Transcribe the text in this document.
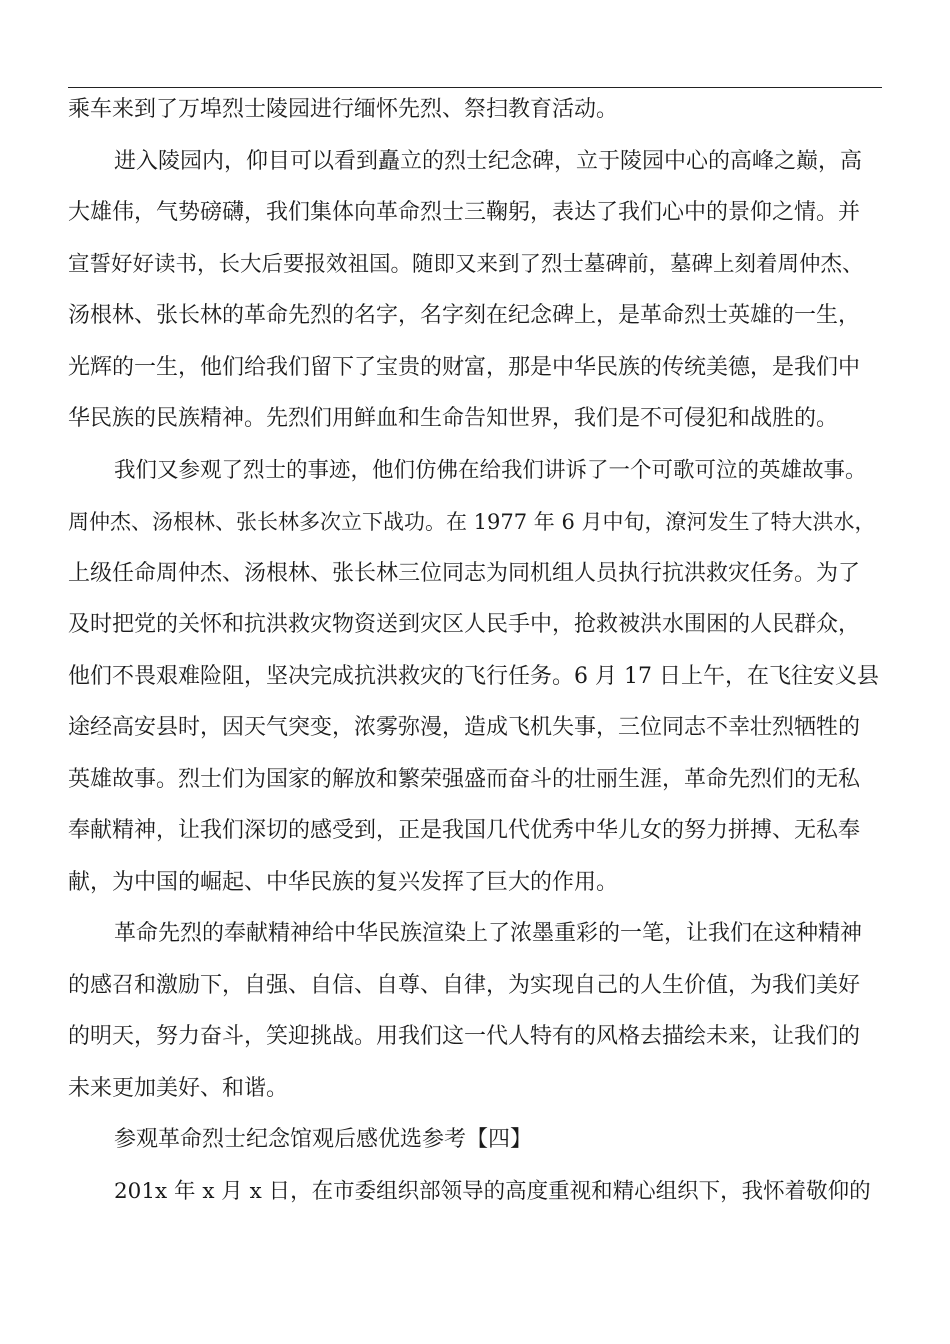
乘车来到了万埠烈士陵园进行缅怀先烈、祭扫教育活动。
进入陵园内，仰目可以看到矗立的烈士纪念碑，立于陵园中心的高峰之巅，高
大雄伟，气势磅礴，我们集体向革命烈士三鞠躬，表达了我们心中的景仰之情。并
宣誓好好读书，长大后要报效祖国。随即又来到了烈士墓碑前，墓碑上刻着周仲杰、
汤根林、张长林的革命先烈的名字，名字刻在纪念碑上，是革命烈士英雄的一生，
光辉的一生，他们给我们留下了宝贵的财富，那是中华民族的传统美德，是我们中
华民族的民族精神。先烈们用鲜血和生命告知世界，我们是不可侵犯和战胜的。
我们又参观了烈士的事迹，他们仿佛在给我们讲诉了一个可歌可泣的英雄故事。
周仲杰、汤根林、张长林多次立下战功。在 1977 年 6 月中旬，潦河发生了特大洪水，
上级任命周仲杰、汤根林、张长林三位同志为同机组人员执行抗洪救灾任务。为了
及时把党的关怀和抗洪救灾物资送到灾区人民手中，抢救被洪水围困的人民群众，
他们不畏艰难险阻，坚决完成抗洪救灾的飞行任务。6 月 17 日上午，在飞往安义县
途经高安县时，因天气突变，浓雾弥漫，造成飞机失事，三位同志不幸壮烈牺牲的
英雄故事。烈士们为国家的解放和繁荣强盛而奋斗的壮丽生涯，革命先烈们的无私
奉献精神，让我们深切的感受到，正是我国几代优秀中华儿女的努力拼搏、无私奉
献，为中国的崛起、中华民族的复兴发挥了巨大的作用。
革命先烈的奉献精神给中华民族渲染上了浓墨重彩的一笔，让我们在这种精神
的感召和激励下，自强、自信、自尊、自律，为实现自己的人生价值，为我们美好
的明天，努力奋斗，笑迎挑战。用我们这一代人特有的风格去描绘未来，让我们的
未来更加美好、和谐。
参观革命烈士纪念馆观后感优选参考【四】
201x 年 x 月 x 日，在市委组织部领导的高度重视和精心组织下，我怀着敬仰的
